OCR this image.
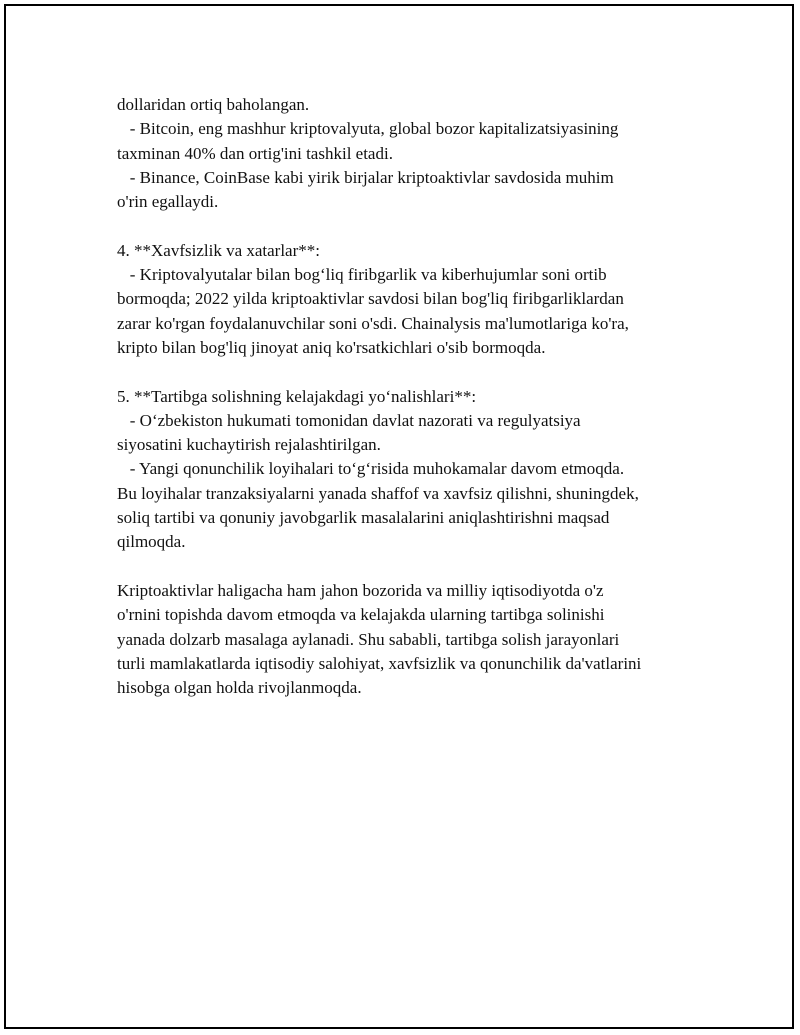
dollaridan ortiq baholangan.
- Bitcoin, eng mashhur kriptovalyuta, global bozor kapitalizatsiyasining
taxminan 40% dan ortig'ini tashkil etadi.
- Binance, CoinBase kabi yirik birjalar kriptoaktivlar savdosida muhim
o'rin egallaydi.
4. **Xavfsizlik va xatarlar**:
- Kriptovalyutalar bilan bog‘liq firibgarlik va kiberhujumlar soni ortib
bormoqda; 2022 yilda kriptoaktivlar savdosi bilan bog'liq firibgarliklardan
zarar ko'rgan foydalanuvchilar soni o'sdi. Chainalysis ma'lumotlariga ko'ra,
kripto bilan bog'liq jinoyat aniq ko'rsatkichlari o'sib bormoqda.
5. **Tartibga solishning kelajakdagi yo‘nalishlari**:
- O‘zbekiston hukumati tomonidan davlat nazorati va regulyatsiya
siyosatini kuchaytirish rejalashtirilgan.
- Yangi qonunchilik loyihalari to‘g‘risida muhokamalar davom etmoqda.
Bu loyihalar tranzaksiyalarni yanada shaffof va xavfsiz qilishni, shuningdek,
soliq tartibi va qonuniy javobgarlik masalalarini aniqlashtirishni maqsad
qilmoqda.
Kriptoaktivlar haligacha ham jahon bozorida va milliy iqtisodiyotda o'z
o'rnini topishda davom etmoqda va kelajakda ularning tartibga solinishi
yanada dolzarb masalaga aylanadi. Shu sababli, tartibga solish jarayonlari
turli mamlakatlarda iqtisodiy salohiyat, xavfsizlik va qonunchilik da'vatlarini
hisobga olgan holda rivojlanmoqda.
